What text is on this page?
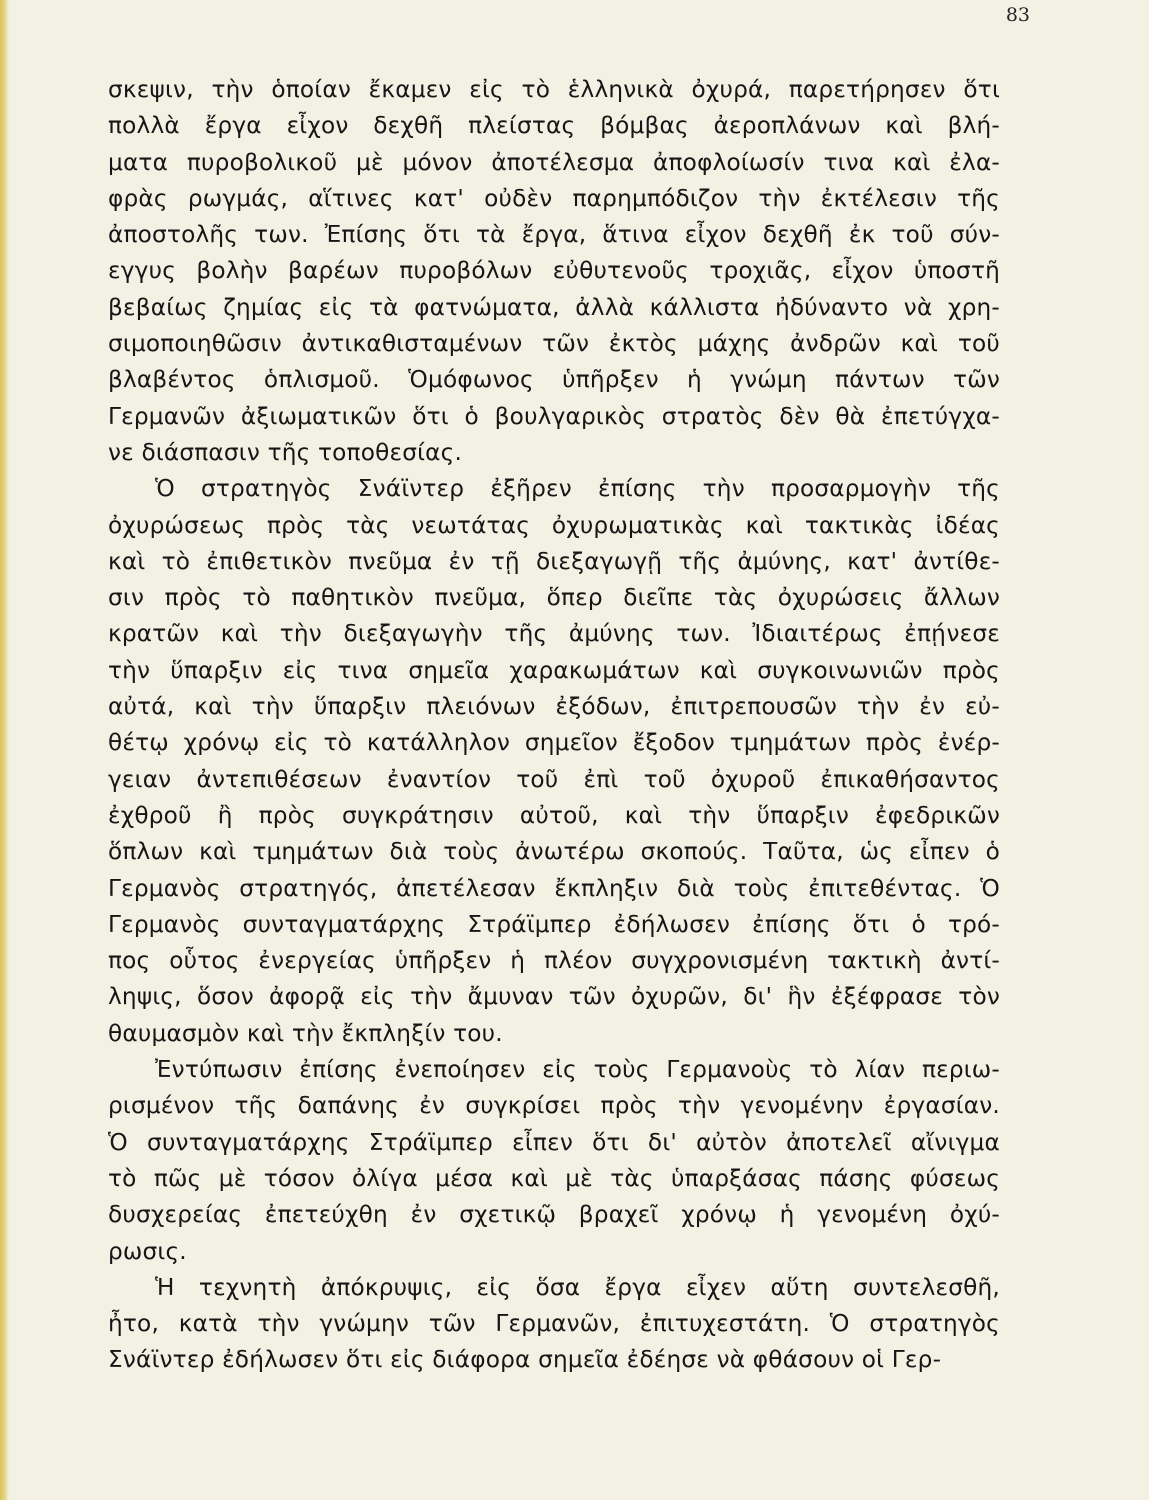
83
σκεψιν, τὴν ὁποίαν ἔκαμεν εἰς τὸ ἑλληνικὰ ὀχυρά, παρετήρησεν ὅτι
πολλὰ ἔργα εἶχον δεχθῆ πλείστας βόμβας ἀεροπλάνων καὶ βλή-
ματα πυροβολικοῦ μὲ μόνον ἀποτέλεσμα ἀποφλοίωσίν τινα καὶ ἐλα-
φρὰς ρωγμάς, αἵτινες κατ' οὐδὲν παρημπόδιζον τὴν ἐκτέλεσιν τῆς
ἀποστολῆς των. Ἐπίσης ὅτι τὰ ἔργα, ἅτινα εἶχον δεχθῆ ἐκ τοῦ σύν-
εγγυς βολὴν βαρέων πυροβόλων εὐθυτενοῦς τροχιᾶς, εἶχον ὑποστῆ
βεβαίως ζημίας εἰς τὰ φατνώματα, ἀλλὰ κάλλιστα ἠδύναντο νὰ χρη-
σιμοποιηθῶσιν ἀντικαθισταμένων τῶν ἐκτὸς μάχης ἀνδρῶν καὶ τοῦ
βλαβέντος ὁπλισμοῦ. Ὁμόφωνος ὑπῆρξεν ἡ γνώμη πάντων τῶν
Γερμανῶν ἀξιωματικῶν ὅτι ὁ βουλγαρικὸς στρατὸς δὲν θὰ ἐπετύγχα-
νε διάσπασιν τῆς τοποθεσίας.
Ὁ στρατηγὸς Σνάϊντερ ἐξῆρεν ἐπίσης τὴν προσαρμογὴν τῆς
ὀχυρώσεως πρὸς τὰς νεωτάτας ὀχυρωματικὰς καὶ τακτικὰς ἰδέας
καὶ τὸ ἐπιθετικὸν πνεῦμα ἐν τῇ διεξαγωγῇ τῆς ἀμύνης, κατ' ἀντίθε-
σιν πρὸς τὸ παθητικὸν πνεῦμα, ὅπερ διεῖπε τὰς ὀχυρώσεις ἄλλων
κρατῶν καὶ τὴν διεξαγωγὴν τῆς ἀμύνης των. Ἰδιαιτέρως ἐπῄνεσε
τὴν ὕπαρξιν εἰς τινα σημεῖα χαρακωμάτων καὶ συγκοινωνιῶν πρὸς
αὐτά, καὶ τὴν ὕπαρξιν πλειόνων ἐξόδων, ἐπιτρεπουσῶν τὴν ἐν εὐ-
θέτῳ χρόνῳ εἰς τὸ κατάλληλον σημεῖον ἔξοδον τμημάτων πρὸς ἐνέρ-
γειαν ἀντεπιθέσεων ἐναντίον τοῦ ἐπὶ τοῦ ὀχυροῦ ἐπικαθήσαντος
ἐχθροῦ ἢ πρὸς συγκράτησιν αὐτοῦ, καὶ τὴν ὕπαρξιν ἐφεδρικῶν
ὅπλων καὶ τμημάτων διὰ τοὺς ἀνωτέρω σκοπούς. Ταῦτα, ὡς εἶπεν ὁ
Γερμανὸς στρατηγός, ἀπετέλεσαν ἔκπληξιν διὰ τοὺς ἐπιτεθέντας. Ὁ
Γερμανὸς συνταγματάρχης Στράϊμπερ ἐδήλωσεν ἐπίσης ὅτι ὁ τρό-
πος οὗτος ἐνεργείας ὑπῆρξεν ἡ πλέον συγχρονισμένη τακτικὴ ἀντί-
ληψις, ὅσον ἀφορᾷ εἰς τὴν ἄμυναν τῶν ὀχυρῶν, δι' ἣν ἐξέφρασε τὸν
θαυμασμὸν καὶ τὴν ἔκπληξίν του.
Ἐντύπωσιν ἐπίσης ἐνεποίησεν εἰς τοὺς Γερμανοὺς τὸ λίαν περιω-
ρισμένον τῆς δαπάνης ἐν συγκρίσει πρὸς τὴν γενομένην ἐργασίαν.
Ὁ συνταγματάρχης Στράϊμπερ εἶπεν ὅτι δι' αὐτὸν ἀποτελεῖ αἴνιγμα
τὸ πῶς μὲ τόσον ὀλίγα μέσα καὶ μὲ τὰς ὑπαρξάσας πάσης φύσεως
δυσχερείας ἐπετεύχθη ἐν σχετικῷ βραχεῖ χρόνῳ ἡ γενομένη ὀχύ-
ρωσις.
Ἡ τεχνητὴ ἀπόκρυψις, εἰς ὅσα ἔργα εἶχεν αὕτη συντελεσθῆ,
ἦτο, κατὰ τὴν γνώμην τῶν Γερμανῶν, ἐπιτυχεστάτη. Ὁ στρατηγὸς
Σνάϊντερ ἐδήλωσεν ὅτι εἰς διάφορα σημεῖα ἐδέησε νὰ φθάσουν οἱ Γερ-
